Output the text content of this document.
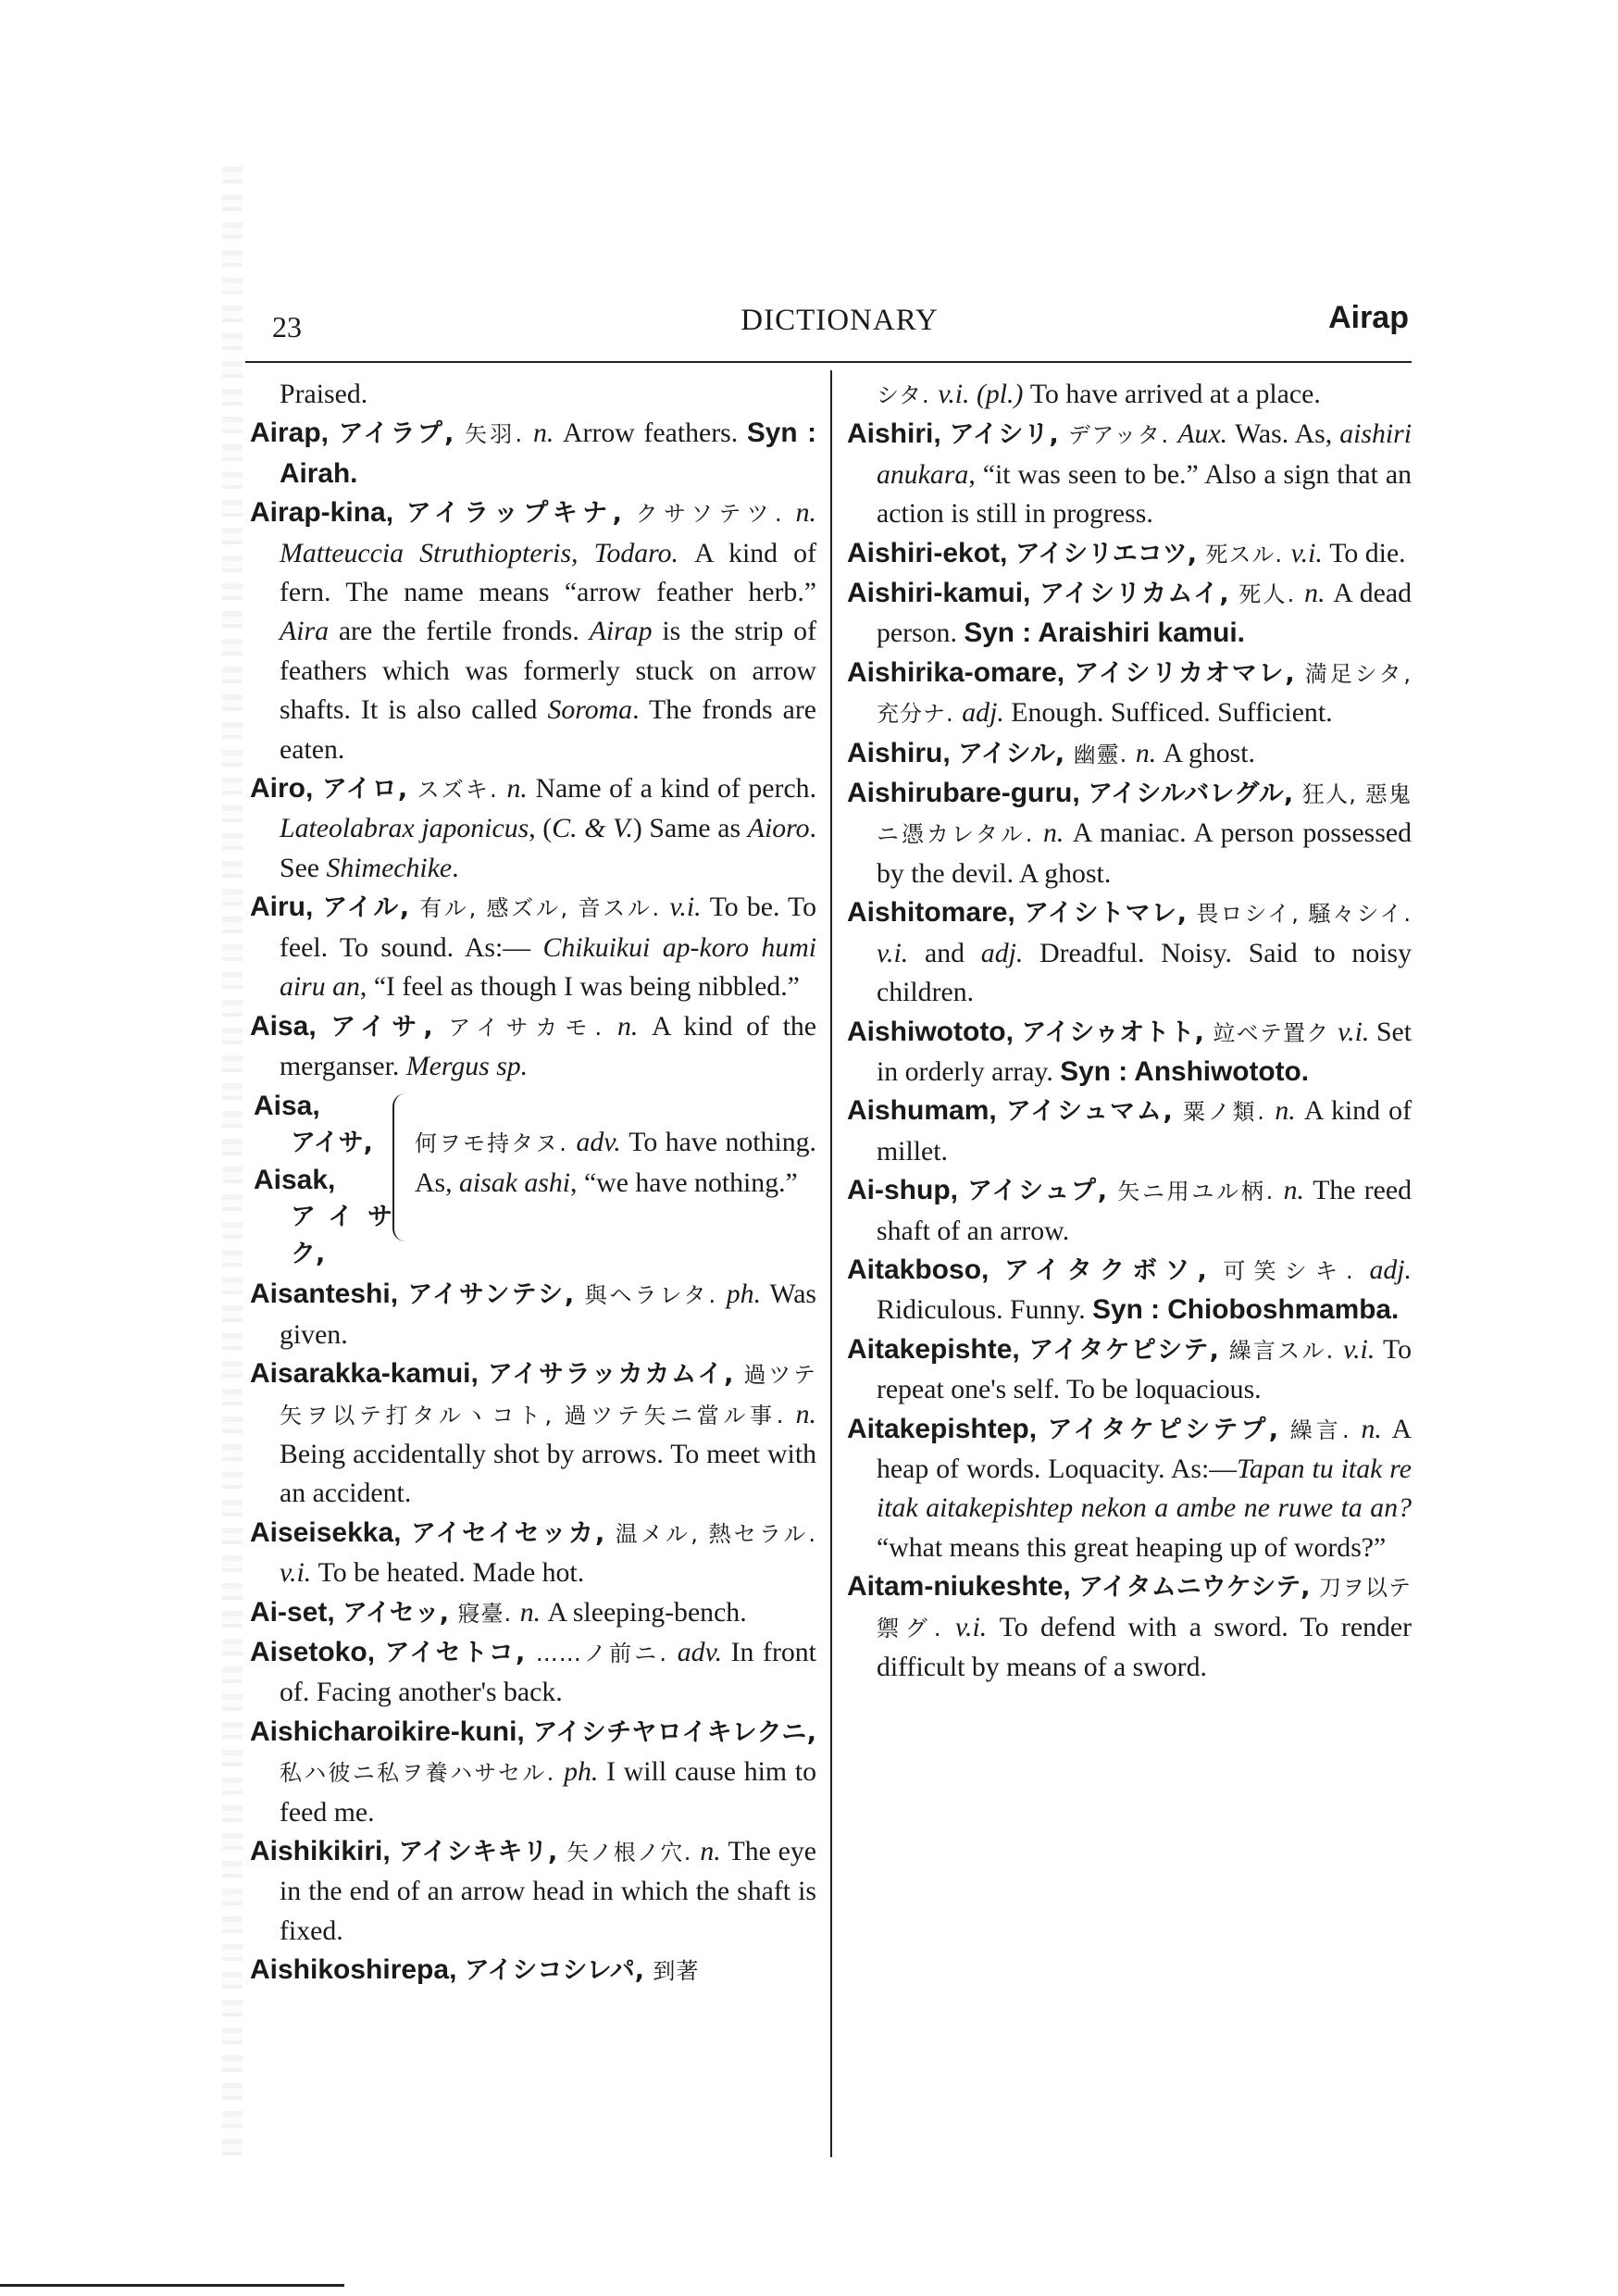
23	DICTIONARY	Airap

Praised.

Airap, アイラプ, 矢羽. n. Arrow feathers. Syn : Airah.

Airap-kina, アイラップキナ, クサソテツ. n. Matteuccia Struthiopteris, Todaro. A kind of fern. The name means “arrow feather herb.” Aira are the fertile fronds. Airap is the strip of feathers which was formerly stuck on arrow shafts. It is also called Soroma. The fronds are eaten.

Airo, アイロ, スズキ. n. Name of a kind of perch. Lateolabrax japonicus, (C. & V.) Same as Aioro. See Shimechike.

Airu, アイル, 有ル, 感ズル, 音スル. v.i. To be. To feel. To sound. As:— Chikuikui ap-koro humi airu an, “I feel as though I was being nibbled.”

Aisa, アイサ, アイサカモ. n. A kind of the merganser. Mergus sp.

Aisa,
アイサ,
Aisak,
アイサク,
何ヲモ持タヌ. adv. To have nothing. As, aisak ashi, “we have nothing.”

Aisanteshi, アイサンテシ, 與ヘラレタ. ph. Was given.

Aisarakka-kamui, アイサラッカカムイ, 過ツテ矢ヲ以テ打タルヽコト, 過ツテ矢ニ當ル事. n. Being accidentally shot by arrows. To meet with an accident.

Aiseisekka, アイセイセッカ, 温メル, 熱セラル. v.i. To be heated. Made hot.

Ai-set, アイセッ, 寢臺. n. A sleeping-bench.

Aisetoko, アイセトコ, ……ノ前ニ. adv. In front of. Facing another's back.

Aishicharoikire-kuni, アイシチヤロイキレクニ, 私ハ彼ニ私ヲ養ハサセル. ph. I will cause him to feed me.

Aishikikiri, アイシキキリ, 矢ノ根ノ穴. n. The eye in the end of an arrow head in which the shaft is fixed.

Aishikoshirepa, アイシコシレパ, 到著

シタ. v.i. (pl.) To have arrived at a place.

Aishiri, アイシリ, デアッタ. Aux. Was. As, aishiri anukara, “it was seen to be.” Also a sign that an action is still in progress.

Aishiri-ekot, アイシリエコツ, 死スル. v.i. To die.

Aishiri-kamui, アイシリカムイ, 死人. n. A dead person. Syn : Araishiri kamui.

Aishirika-omare, アイシリカオマレ, 満足シタ, 充分ナ. adj. Enough. Sufficed. Sufficient.

Aishiru, アイシル, 幽靈. n. A ghost.

Aishirubare-guru, アイシルバレグル, 狂人, 惡鬼ニ憑カレタル. n. A maniac. A person possessed by the devil. A ghost.

Aishitomare, アイシトマレ, 畏ロシイ, 騒々シイ. v.i. and adj. Dreadful. Noisy. Said to noisy children.

Aishiwototo, アイシゥオトト, 竝ベテ置ク v.i. Set in orderly array. Syn : Anshiwototo.

Aishumam, アイシュマム, 粟ノ類. n. A kind of millet.

Ai-shup, アイシュプ, 矢ニ用ユル柄. n. The reed shaft of an arrow.

Aitakboso, アイタクボソ, 可笑シキ. adj. Ridiculous. Funny. Syn : Chioboshmamba.

Aitakepishte, アイタケピシテ, 繰言スル. v.i. To repeat one's self. To be loquacious.

Aitakepishtep, アイタケピシテプ, 繰言. n. A heap of words. Loquacity. As:—Tapan tu itak re itak aitakepishtep nekon a ambe ne ruwe ta an? “what means this great heaping up of words?”

Aitam-niukeshte, アイタムニウケシテ, 刀ヲ以テ禦グ. v.i. To defend with a sword. To render difficult by means of a sword.
